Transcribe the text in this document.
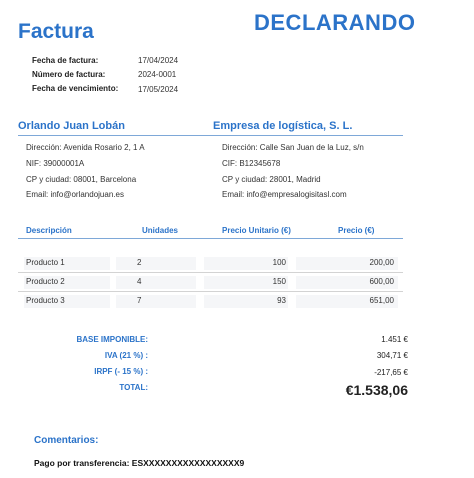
Factura	DECLARANDO
Fecha de factura:	17/04/2024
Número de factura:	2024-0001
Fecha de vencimiento: 17/05/2024
Orlando Juan Lobán	Empresa de logística, S. L.
Dirección: Avenida Rosario 2, 1 A
NIF: 39000001A
CP y ciudad: 08001, Barcelona
Email: info@orlandojuan.es
Dirección: Calle San Juan de la Luz, s/n
CIF: B12345678
CP y ciudad: 28001, Madrid
Email: info@empresalogisitasl.com
Descripción	Unidades	Precio Unitario (€)	Precio (€)
Producto 1	2	100	200,00
Producto 2	4	150	600,00
Producto 3	7	93	651,00
BASE IMPONIBLE:	1.451 €
IVA (21 %) :	304,71 €
IRPF (- 15 %) :	-217,65 €
TOTAL:	€1.538,06
Comentarios:
Pago por transferencia: ESXXXXXXXXXXXXXXXXX9
